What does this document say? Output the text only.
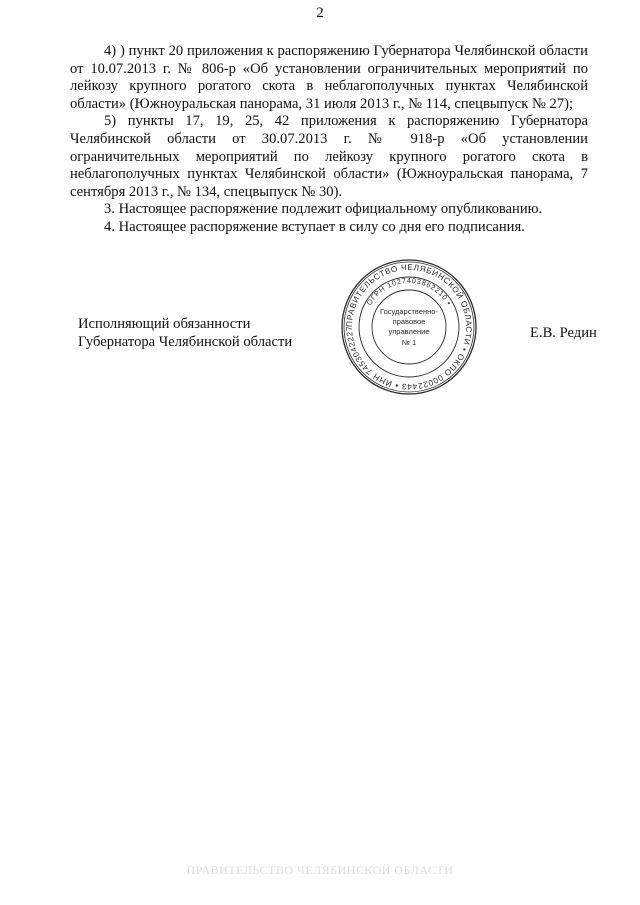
2

4) ) пункт 20 приложения к распоряжению Губернатора Челябинской области от 10.07.2013 г. № 806-р «Об установлении ограничительных мероприятий по лейкозу крупного рогатого скота в неблагополучных пунктах Челябинской области» (Южноуральская панорама, 31 июля 2013 г., № 114, спецвыпуск № 27);

5) пункты 17, 19, 25, 42 приложения к распоряжению Губернатора Челябинской области от 30.07.2013 г. № 918-р «Об установлении ограничительных мероприятий по лейкозу крупного рогатого скота в неблагополучных пунктах Челябинской области» (Южноуральская панорама, 7 сентября 2013 г., № 134, спецвыпуск № 30).

3. Настоящее распоряжение подлежит официальному опубликованию.

4. Настоящее распоряжение вступает в силу со дня его подписания.

Исполняющий обязанности
Губернатора Челябинской области
ПРАВИТЕЛЬСТВО ЧЕЛЯБИНСКОЙ ОБЛАСТИ • ОКПО 00022443 • ИНН 7453042227
ОГРН 1027403862210 •
Государственно-
правовое
управление
№ 1
Е.В. Редин
ПРАВИТЕЛЬСТВО ЧЕЛЯБИНСКОЙ ОБЛАСТИ
